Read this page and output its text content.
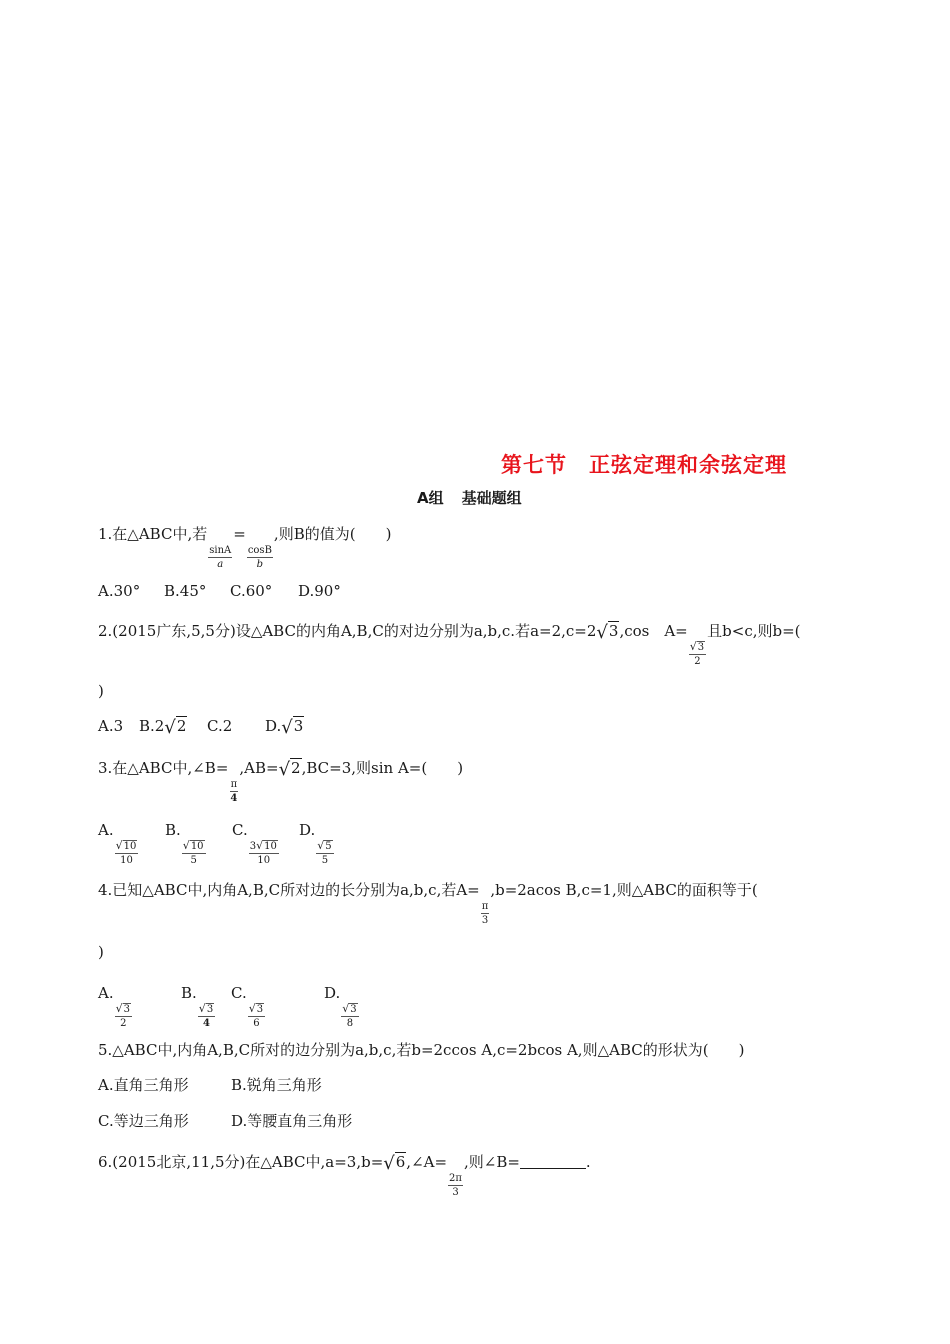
第七节 正弦定理和余弦定理
A组 基础题组
1.在△ABC中,若
$\frac{\sin A}{a}$
=
$\frac{\cos B}{b}$
,则B的值为(　　)
A.30° B.45° C.60° D.90°
2.(2015广东,5,5分)设△ABC的内角A,B,C的对边分别为a,b,c.若a=2,c=2√3,cos　A=
$\frac{√3}{2}$
且b<c,则b=(
)
A.3 B.2√2 C.2 D.√3
3.在△ABC中,∠B=
$\frac{\pi}{4}$
,AB=√2,BC=3,则sin A=(　　)
A.
$\frac{√10}{10}$
B.
$\frac{√10}{5}$
C.
$\frac{3√10}{10}$
D.
$\frac{√5}{5}$
4.已知△ABC中,内角A,B,C所对边的长分别为a,b,c,若A=
$\frac{\pi}{3}$
,b=2acos B,c=1,则△ABC的面积等于(
)
A.
$\frac{√3}{2}$
B.
$\frac{√3}{4}$
C.
$\frac{√3}{6}$
D.
$\frac{√3}{8}$
5.△ABC中,内角A,B,C所对的边分别为a,b,c,若b=2ccos A,c=2bcos A,则△ABC的形状为(　　)
A.直角三角形	B.锐角三角形
C.等边三角形	D.等腰直角三角形
6.(2015北京,11,5分)在△ABC中,a=3,b=√6,∠A=
$\frac{2\pi}{3}$
,则∠B=	.
